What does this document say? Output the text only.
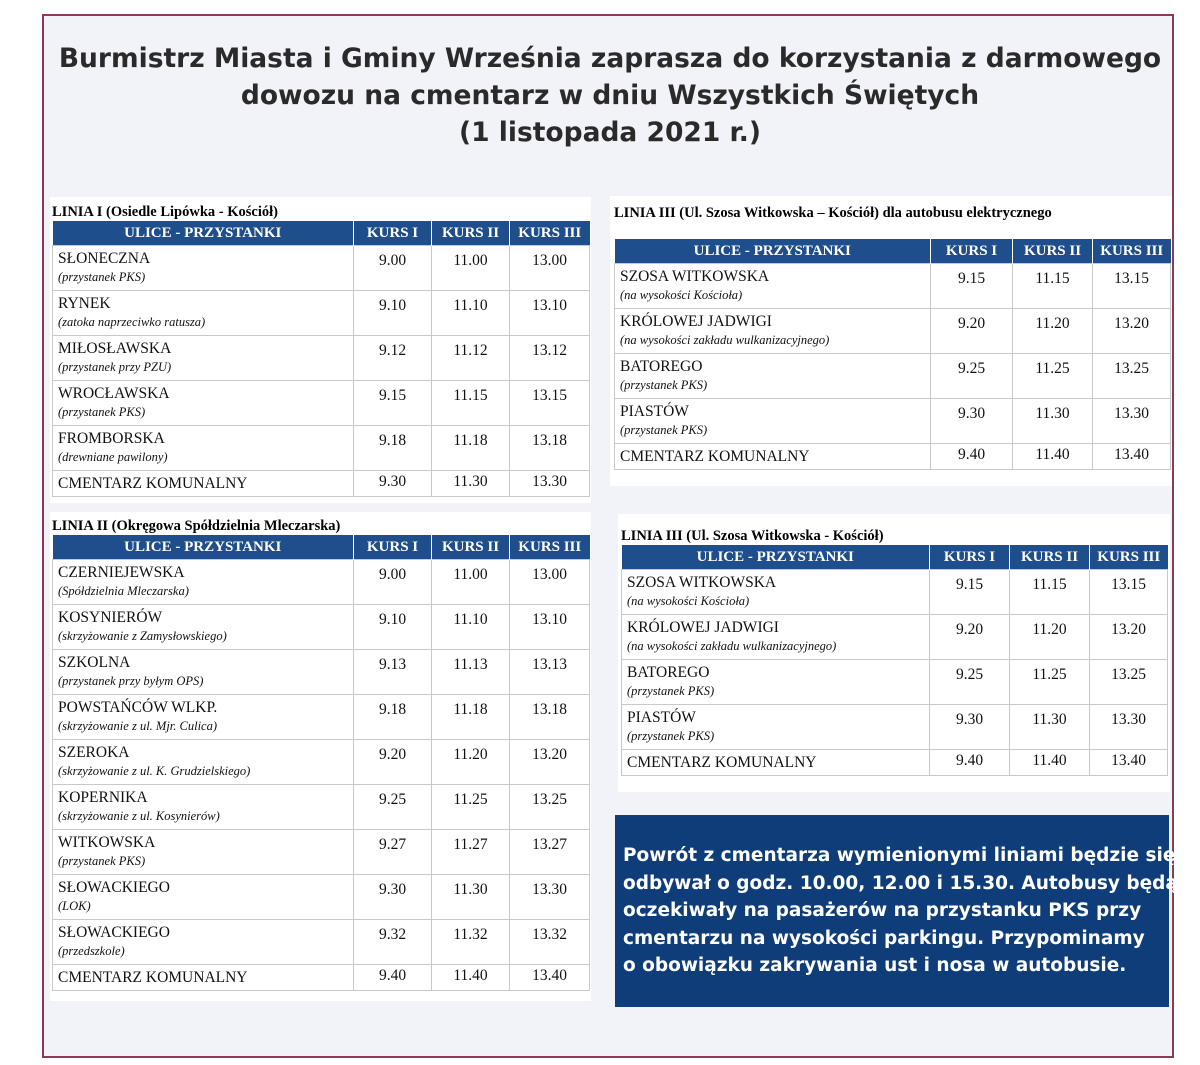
Burmistrz Miasta i Gminy Września zaprasza do korzystania z darmowego
dowozu na cmentarz w dniu Wszystkich Świętych
(1 listopada 2021 r.)
LINIA I (Osiedle Lipówka - Kościół)
ULICE - PRZYSTANKI	KURS I	KURS II	KURS III

SŁONECZNA
(przystanek PKS)	9.00	11.00	13.00

RYNEK
(zatoka naprzeciwko ratusza)	9.10	11.10	13.10

MIŁOSŁAWSKA
(przystanek przy PZU)	9.12	11.12	13.12

WROCŁAWSKA
(przystanek PKS)	9.15	11.15	13.15

FROMBORSKA
(drewniane pawilony)	9.18	11.18	13.18

CMENTARZ KOMUNALNY	9.30	11.30	13.30
LINIA II (Okręgowa Spółdzielnia Mleczarska)
ULICE - PRZYSTANKI	KURS I	KURS II	KURS III

CZERNIEJEWSKA
(Spółdzielnia Mleczarska)	9.00	11.00	13.00

KOSYNIERÓW
(skrzyżowanie z Zamysłowskiego)	9.10	11.10	13.10

SZKOLNA
(przystanek przy byłym OPS)	9.13	11.13	13.13

POWSTAŃCÓW WLKP.
(skrzyżowanie z ul. Mjr. Culica)	9.18	11.18	13.18

SZEROKA
(skrzyżowanie z ul. K. Grudzielskiego)	9.20	11.20	13.20

KOPERNIKA
(skrzyżowanie z ul. Kosynierów)	9.25	11.25	13.25

WITKOWSKA
(przystanek PKS)	9.27	11.27	13.27

SŁOWACKIEGO
(LOK)	9.30	11.30	13.30

SŁOWACKIEGO
(przedszkole)	9.32	11.32	13.32

CMENTARZ KOMUNALNY	9.40	11.40	13.40
LINIA III (Ul. Szosa Witkowska – Kościół) dla autobusu elektrycznego
ULICE - PRZYSTANKI	KURS I	KURS II	KURS III

SZOSA WITKOWSKA
(na wysokości Kościoła)	9.15	11.15	13.15

KRÓLOWEJ JADWIGI
(na wysokości zakładu wulkanizacyjnego)	9.20	11.20	13.20

BATOREGO
(przystanek PKS)	9.25	11.25	13.25

PIASTÓW
(przystanek PKS)	9.30	11.30	13.30

CMENTARZ KOMUNALNY	9.40	11.40	13.40
LINIA III (Ul. Szosa Witkowska - Kościół)
ULICE - PRZYSTANKI	KURS I	KURS II	KURS III

SZOSA WITKOWSKA
(na wysokości Kościoła)	9.15	11.15	13.15

KRÓLOWEJ JADWIGI
(na wysokości zakładu wulkanizacyjnego)	9.20	11.20	13.20

BATOREGO
(przystanek PKS)	9.25	11.25	13.25

PIASTÓW
(przystanek PKS)	9.30	11.30	13.30

CMENTARZ KOMUNALNY	9.40	11.40	13.40
Powrót z cmentarza wymienionymi liniami będzie się
odbywał o godz. 10.00, 12.00 i 15.30. Autobusy będą
oczekiwały na pasażerów na przystanku PKS przy
cmentarzu na wysokości parkingu. Przypominamy
o obowiązku zakrywania ust i nosa w autobusie.
